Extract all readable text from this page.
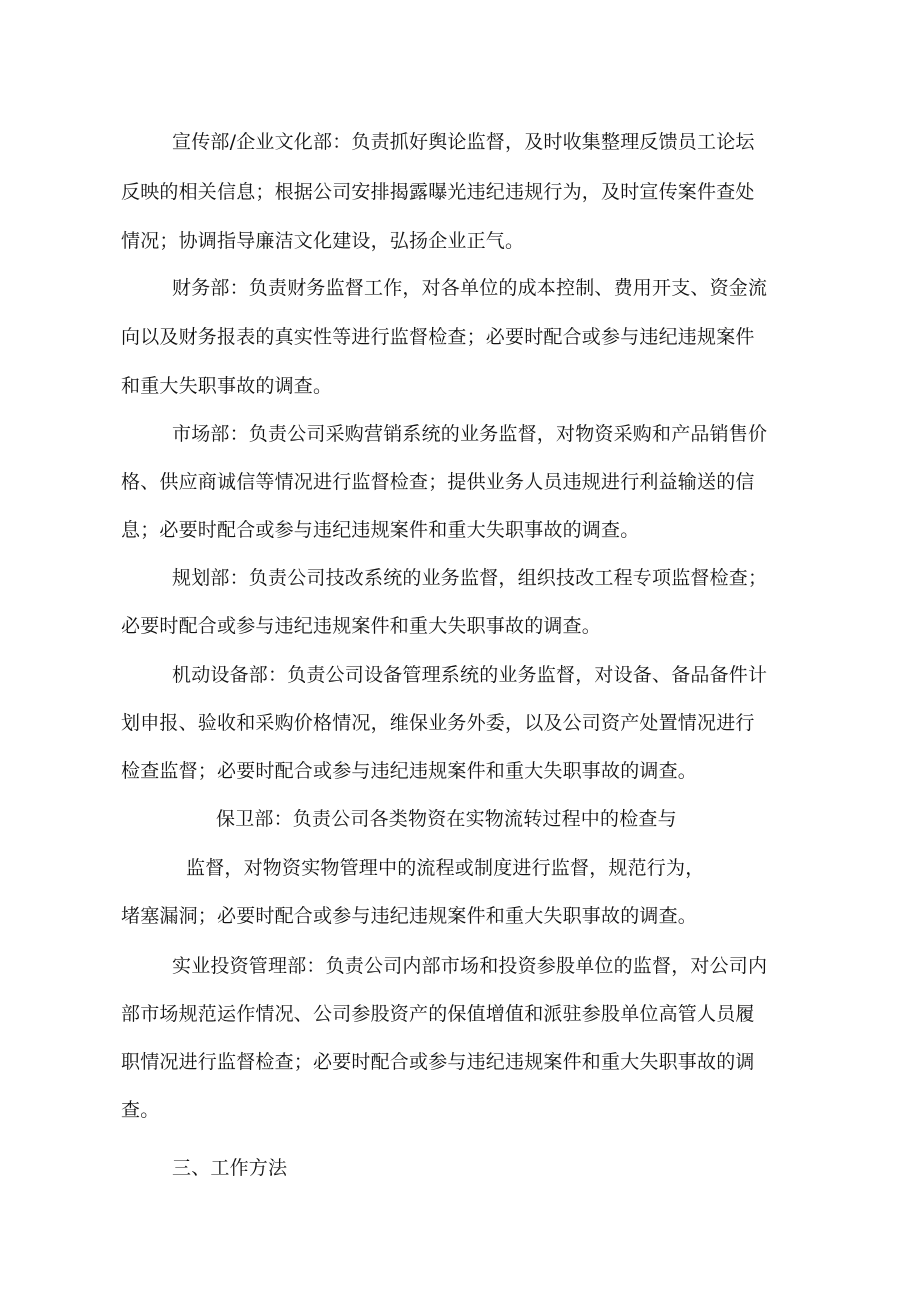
宣传部/企业文化部：负责抓好舆论监督，及时收集整理反馈员工论坛
反映的相关信息；根据公司安排揭露曝光违纪违规行为，及时宣传案件查处
情况；协调指导廉洁文化建设，弘扬企业正气。
财务部：负责财务监督工作，对各单位的成本控制、费用开支、资金流
向以及财务报表的真实性等进行监督检查；必要时配合或参与违纪违规案件
和重大失职事故的调查。
市场部：负责公司采购营销系统的业务监督，对物资采购和产品销售价
格、供应商诚信等情况进行监督检查；提供业务人员违规进行利益输送的信
息；必要时配合或参与违纪违规案件和重大失职事故的调查。
规划部：负责公司技改系统的业务监督，组织技改工程专项监督检查；
必要时配合或参与违纪违规案件和重大失职事故的调查。
机动设备部：负责公司设备管理系统的业务监督，对设备、备品备件计
划申报、验收和采购价格情况，维保业务外委，以及公司资产处置情况进行
检查监督；必要时配合或参与违纪违规案件和重大失职事故的调查。
保卫部：负责公司各类物资在实物流转过程中的检查与
监督，对物资实物管理中的流程或制度进行监督，规范行为，
堵塞漏洞；必要时配合或参与违纪违规案件和重大失职事故的调查。
实业投资管理部：负责公司内部市场和投资参股单位的监督，对公司内
部市场规范运作情况、公司参股资产的保值增值和派驻参股单位高管人员履
职情况进行监督检查；必要时配合或参与违纪违规案件和重大失职事故的调
查。
三、工作方法
